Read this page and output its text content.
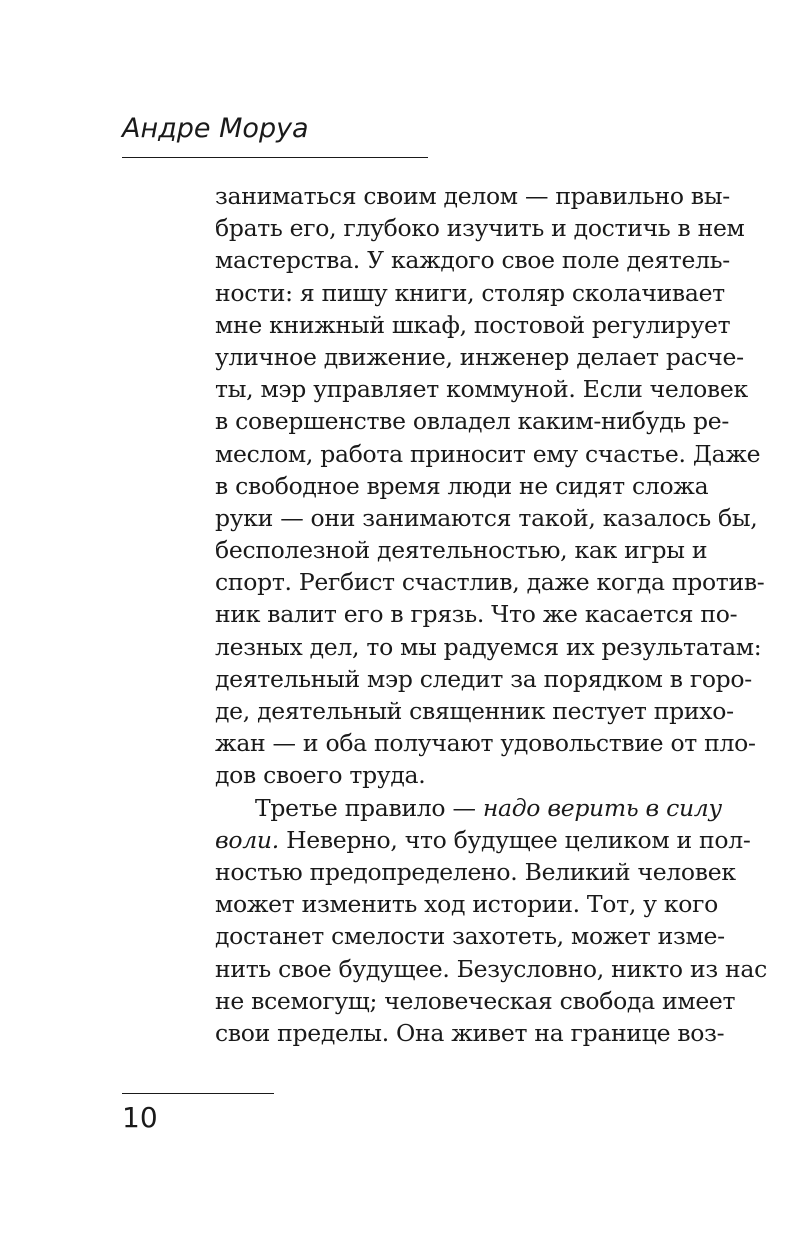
Андре Моруа
заниматься своим делом — правильно вы-
брать его, глубоко изучить и достичь в нем
мастерства. У каждого свое поле деятель-
ности: я пишу книги, столяр сколачивает
мне книжный шкаф, постовой регулирует
уличное движение, инженер делает расче-
ты, мэр управляет коммуной. Если человек
в совершенстве овладел каким-нибудь ре-
меслом, работа приносит ему счастье. Даже
в свободное время люди не сидят сложа
руки — они занимаются такой, казалось бы,
бесполезной деятельностью, как игры и
спорт. Регбист счастлив, даже когда против-
ник валит его в грязь. Что же касается по-
лезных дел, то мы радуемся их результатам:
деятельный мэр следит за порядком в горо-
де, деятельный священник пестует прихо-
жан — и оба получают удовольствие от пло-
дов своего труда.
Третье правило — надо верить в силу
воли. Неверно, что будущее целиком и пол-
ностью предопределено. Великий человек
может изменить ход истории. Тот, у кого
достанет смелости захотеть, может изме-
нить свое будущее. Безусловно, никто из нас
не всемогущ; человеческая свобода имеет
свои пределы. Она живет на границе воз-
10
